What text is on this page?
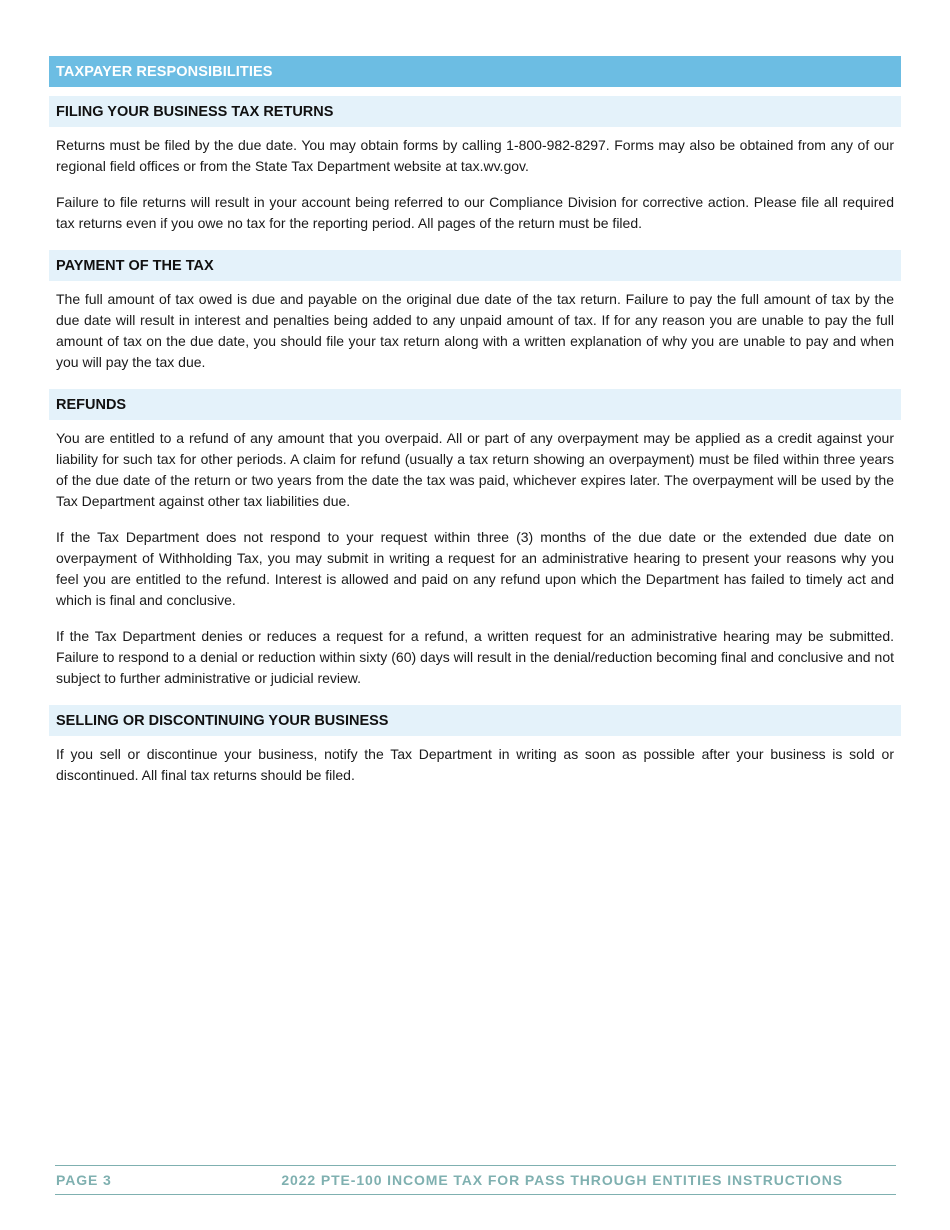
TAXPAYER RESPONSIBILITIES
FILING YOUR BUSINESS TAX RETURNS

Returns must be filed by the due date. You may obtain forms by calling 1-800-982-8297. Forms may also be obtained from any of our regional field offices or from the State Tax Department website at tax.wv.gov.

Failure to file returns will result in your account being referred to our Compliance Division for corrective action. Please file all required tax returns even if you owe no tax for the reporting period. All pages of the return must be filed.

PAYMENT OF THE TAX

The full amount of tax owed is due and payable on the original due date of the tax return. Failure to pay the full amount of tax by the due date will result in interest and penalties being added to any unpaid amount of tax. If for any reason you are unable to pay the full amount of tax on the due date, you should file your tax return along with a written explanation of why you are unable to pay and when you will pay the tax due.

REFUNDS

You are entitled to a refund of any amount that you overpaid. All or part of any overpayment may be applied as a credit against your liability for such tax for other periods. A claim for refund (usually a tax return showing an overpayment) must be filed within three years of the due date of the return or two years from the date the tax was paid, whichever expires later. The overpayment will be used by the Tax Department against other tax liabilities due.

If the Tax Department does not respond to your request within three (3) months of the due date or the extended due date on overpayment of Withholding Tax, you may submit in writing a request for an administrative hearing to present your reasons why you feel you are entitled to the refund. Interest is allowed and paid on any refund upon which the Department has failed to timely act and which is final and conclusive.

If the Tax Department denies or reduces a request for a refund, a written request for an administrative hearing may be submitted. Failure to respond to a denial or reduction within sixty (60) days will result in the denial/reduction becoming final and conclusive and not subject to further administrative or judicial review.

SELLING OR DISCONTINUING YOUR BUSINESS

If you sell or discontinue your business, notify the Tax Department in writing as soon as possible after your business is sold or discontinued. All final tax returns should be filed.

PAGE 3	2022 PTE-100 INCOME TAX FOR PASS THROUGH ENTITIES INSTRUCTIONS
